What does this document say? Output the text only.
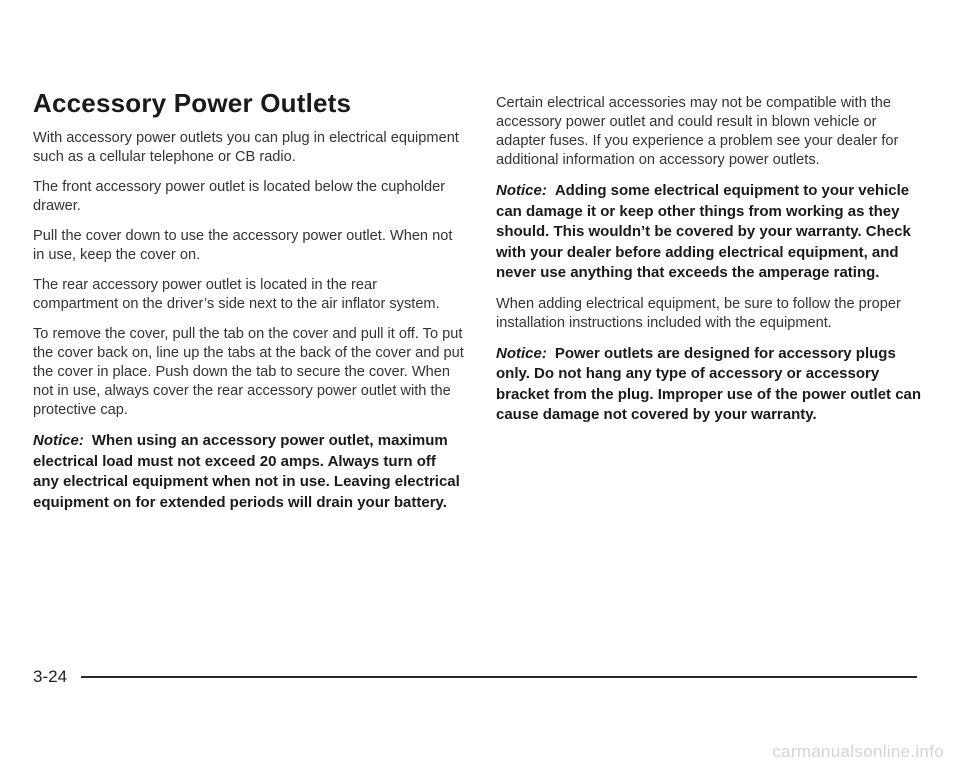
Accessory Power Outlets

With accessory power outlets you can plug in electrical equipment such as a cellular telephone or CB radio.

The front accessory power outlet is located below the cupholder drawer.

Pull the cover down to use the accessory power outlet. When not in use, keep the cover on.

The rear accessory power outlet is located in the rear compartment on the driver’s side next to the air inflator system.

To remove the cover, pull the tab on the cover and pull it off. To put the cover back on, line up the tabs at the back of the cover and put the cover in place. Push down the tab to secure the cover. When not in use, always cover the rear accessory power outlet with the protective cap.

Notice: When using an accessory power outlet, maximum electrical load must not exceed 20 amps. Always turn off any electrical equipment when not in use. Leaving electrical equipment on for extended periods will drain your battery.

Certain electrical accessories may not be compatible with the accessory power outlet and could result in blown vehicle or adapter fuses. If you experience a problem see your dealer for additional information on accessory power outlets.

Notice: Adding some electrical equipment to your vehicle can damage it or keep other things from working as they should. This wouldn’t be covered by your warranty. Check with your dealer before adding electrical equipment, and never use anything that exceeds the amperage rating.

When adding electrical equipment, be sure to follow the proper installation instructions included with the equipment.

Notice: Power outlets are designed for accessory plugs only. Do not hang any type of accessory or accessory bracket from the plug. Improper use of the power outlet can cause damage not covered by your warranty.

3-24
carmanualsonline.info
